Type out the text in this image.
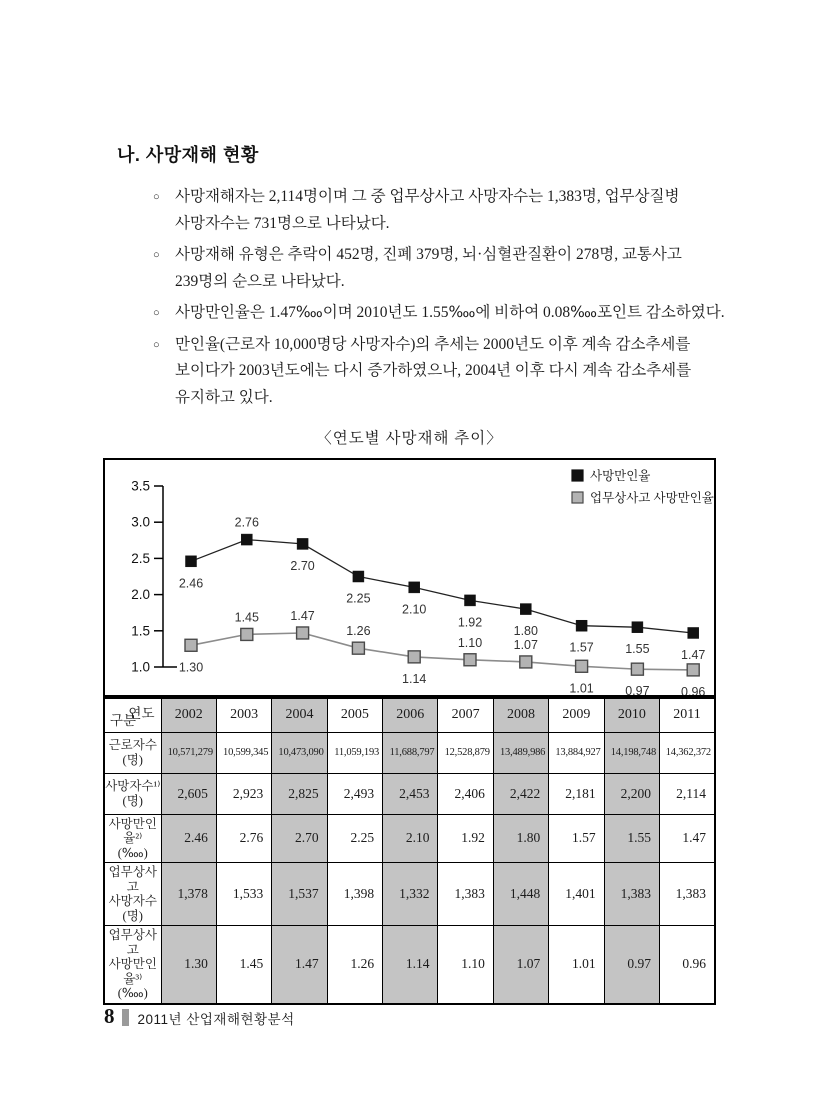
나. 사망재해 현황
○ 사망재해자는 2,114명이며 그 중 업무상사고 사망자수는 1,383명, 업무상질병
사망자수는 731명으로 나타났다.
○ 사망재해 유형은 추락이 452명, 진폐 379명, 뇌·심혈관질환이 278명, 교통사고
239명의 순으로 나타났다.
○ 사망만인율은 1.47‱이며 2010년도 1.55‱에 비하여 0.08‱포인트 감소하였다.
○ 만인율(근로자 10,000명당 사망자수)의 추세는 2000년도 이후 계속 감소추세를
보이다가 2003년도에는 다시 증가하였으나, 2004년 이후 다시 계속 감소추세를
유지하고 있다.
〈연도별 사망재해 추이〉
3.5
3.0
2.5
2.0
1.5
1.0
2.46
2.76
2.70
2.25
2.10
1.92
1.80
1.57	1.55	1.47
1.30
1.45	1.47
1.26
1.14
1.10	1.07
1.01	0.97	0.96
사망만인율
업무상사고 사망만인율
연도
구분	2002	2003	2004	2005	2006	2007	2008	2009	2010	2011

근로자수(명)	10,571,279	10,599,345	10,473,090	11,059,193	11,688,797	12,528,879	13,489,986	13,884,927	14,198,748	14,362,372

사망자수¹⁾
(명)	2,605	2,923	2,825	2,493	2,453	2,406	2,422	2,181	2,200	2,114

사망만인율²⁾
(‱)	2.46	2.76	2.70	2.25	2.10	1.92	1.80	1.57	1.55	1.47

업무상사고
사망자수(명)	1,378	1,533	1,537	1,398	1,332	1,383	1,448	1,401	1,383	1,383

업무상사고
사망만인율³⁾
(‱)	1.30	1.45	1.47	1.26	1.14	1.10	1.07	1.01	0.97	0.96
8 2011년 산업재해현황분석
